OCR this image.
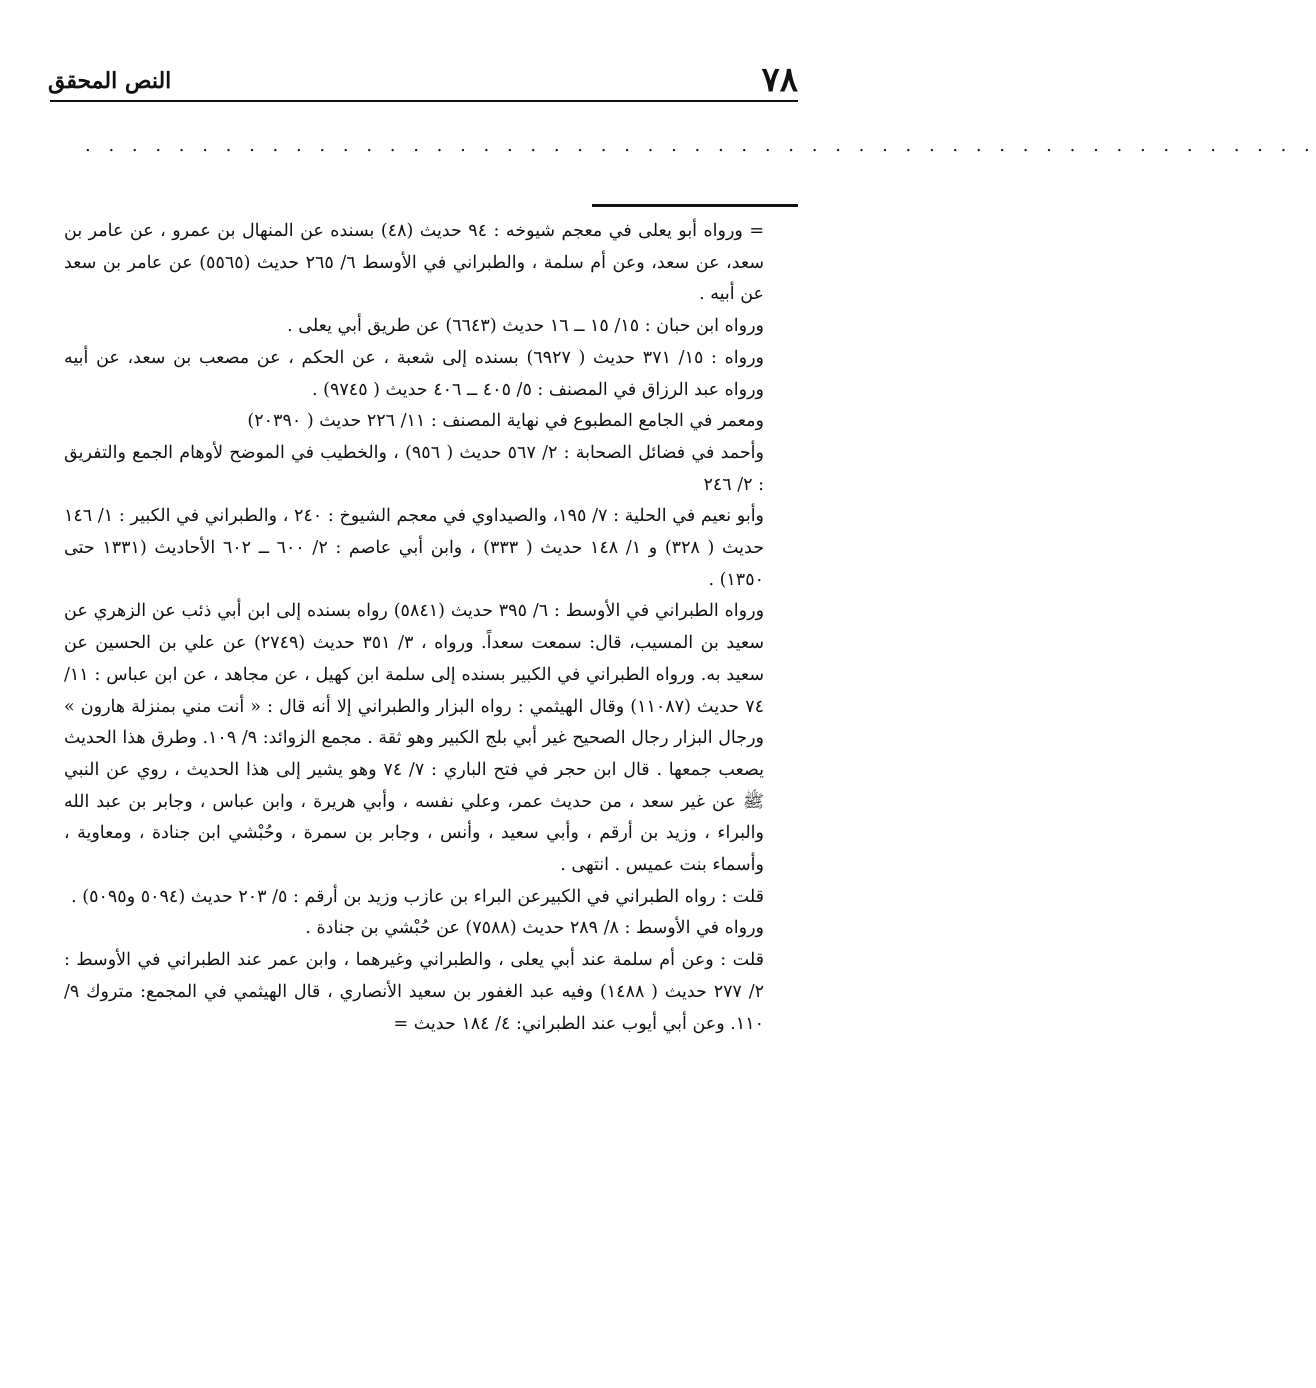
٧٨
النص المحقق
. . . . . . . . . . . . . . . . . . . . . . . . . . . . . . . . . . . . . . . . . . . . . . . . . . . . .

= ورواه أبو يعلى في معجم شيوخه : ٩٤ حديث (٤٨) بسنده عن المنهال بن عمرو ، عن عامر بن سعد، عن سعد، وعن أم سلمة ، والطبراني في الأوسط ٦/ ٢٦٥ حديث (٥٥٦٥) عن عامر بن سعد عن أبيه .

ورواه ابن حبان : ١٥/ ١٥ ــ ١٦ حديث (٦٦٤٣) عن طريق أبي يعلى .

ورواه : ١٥/ ٣٧١ حديث ( ٦٩٢٧) بسنده إلى شعبة ، عن الحكم ، عن مصعب بن سعد، عن أبيه ورواه عبد الرزاق في المصنف : ٥/ ٤٠٥ ــ ٤٠٦ حديث ( ٩٧٤٥) .

ومعمر في الجامع المطبوع في نهاية المصنف : ١١/ ٢٢٦ حديث ( ٢٠٣٩٠)

وأحمد في فضائل الصحابة : ٢/ ٥٦٧ حديث ( ٩٥٦) ، والخطيب في الموضح لأوهام الجمع والتفريق : ٢/ ٢٤٦

وأبو نعيم في الحلية : ٧/ ١٩٥، والصيداوي في معجم الشيوخ : ٢٤٠ ، والطبراني في الكبير : ١/ ١٤٦ حديث ( ٣٢٨) و ١/ ١٤٨ حديث ( ٣٣٣) ، وابن أبي عاصم : ٢/ ٦٠٠ ــ ٦٠٢ الأحاديث (١٣٣١ حتى ١٣٥٠) .

ورواه الطبراني في الأوسط : ٦/ ٣٩٥ حديث (٥٨٤١) رواه بسنده إلى ابن أبي ذئب عن الزهري عن سعيد بن المسيب، قال: سمعت سعداً. ورواه ، ٣/ ٣٥١ حديث (٢٧٤٩) عن علي بن الحسين عن سعيد به. ورواه الطبراني في الكبير بسنده إلى سلمة ابن كهيل ، عن مجاهد ، عن ابن عباس : ١١/ ٧٤ حديث (١١٠٨٧) وقال الهيثمي : رواه البزار والطبراني إلا أنه قال : « أنت مني بمنزلة هارون » ورجال البزار رجال الصحيح غير أبي بلج الكبير وهو ثقة . مجمع الزوائد: ٩/ ١٠٩. وطرق هذا الحديث يصعب جمعها . قال ابن حجر في فتح الباري : ٧/ ٧٤ وهو يشير إلى هذا الحديث ، روي عن النبي ﷺ عن غير سعد ، من حديث عمر، وعلي نفسه ، وأبي هريرة ، وابن عباس ، وجابر بن عبد الله والبراء ، وزيد بن أرقم ، وأبي سعيد ، وأنس ، وجابر بن سمرة ، وحُبْشي ابن جنادة ، ومعاوية ، وأسماء بنت عميس . انتهى .

قلت : رواه الطبراني في الكبيرعن البراء بن عازب وزيد بن أرقم : ٥/ ٢٠٣ حديث (٥٠٩٤ و٥٠٩٥) .

ورواه في الأوسط : ٨/ ٢٨٩ حديث (٧٥٨٨) عن حُبْشي بن جنادة .

قلت : وعن أم سلمة عند أبي يعلى ، والطبراني وغيرهما ، وابن عمر عند الطبراني في الأوسط : ٢/ ٢٧٧ حديث ( ١٤٨٨) وفيه عبد الغفور بن سعيد الأنصاري ، قال الهيثمي في المجمع: متروك ٩/ ١١٠. وعن أبي أيوب عند الطبراني: ٤/ ١٨٤ حديث =
